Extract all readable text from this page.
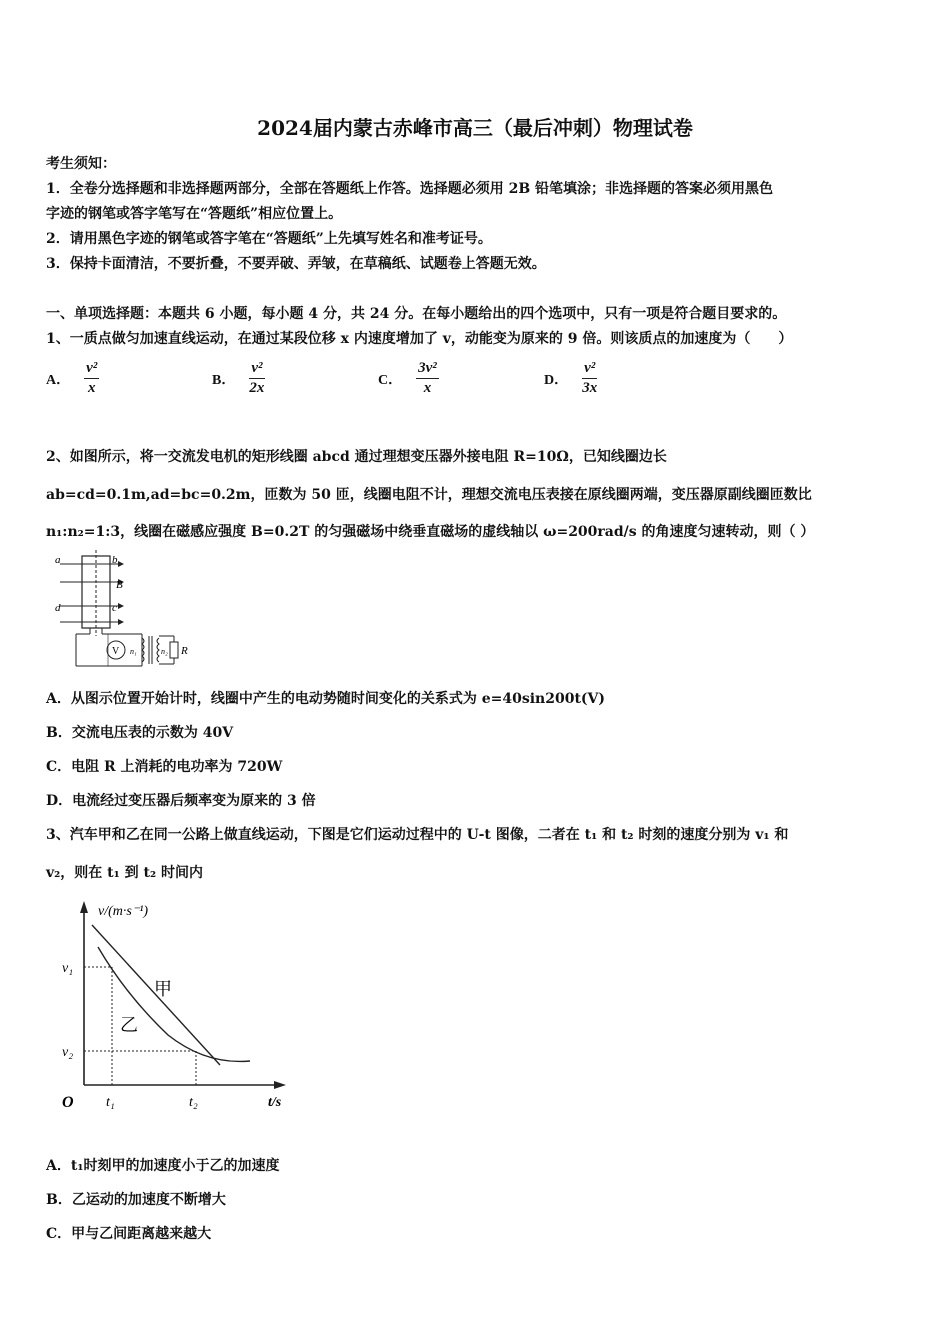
2024届内蒙古赤峰市高三（最后冲刺）物理试卷
考生须知：
1．全卷分选择题和非选择题两部分，全部在答题纸上作答。选择题必须用 2B 铅笔填涂；非选择题的答案必须用黑色
字迹的钢笔或答字笔写在“答题纸”相应位置上。
2．请用黑色字迹的钢笔或答字笔在“答题纸”上先填写姓名和准考证号。
3．保持卡面清洁，不要折叠，不要弄破、弄皱，在草稿纸、试题卷上答题无效。
一、单项选择题：本题共 6 小题，每小题 4 分，共 24 分。在每小题给出的四个选项中，只有一项是符合题目要求的。
1、一质点做匀加速直线运动，在通过某段位移 x 内速度增加了 v，动能变为原来的 9 倍。则该质点的加速度为（　　）
A． $\frac{\text{v²}}{x}$	B． $\frac{\text{v²}}{2x}$	C． $\frac{\text{3v²}}{x}$	D． $\frac{\text{v²}}{3x}$
2、如图所示，将一交流发电机的矩形线圈 abcd 通过理想变压器外接电阻 R=10Ω，已知线圈边长
ab=cd=0.1m,ad=bc=0.2m，匝数为 50 匝，线圈电阻不计，理想交流电压表接在原线圈两端，变压器原副线圈匝数比
n₁:n₂=1:3，线圈在磁感应强度 B=0.2T 的匀强磁场中绕垂直磁场的虚线轴以 ω=200rad/s 的角速度匀速转动，则（ ）
a	b
B
d	c
V n₁	n₂ R
A．从图示位置开始计时，线圈中产生的电动势随时间变化的关系式为 e=40sin200t(V)
B．交流电压表的示数为 40V
C．电阻 R 上消耗的电功率为 720W
D．电流经过变压器后频率变为原来的 3 倍
3、汽车甲和乙在同一公路上做直线运动，下图是它们运动过程中的 U-t 图像，二者在 t₁ 和 t₂ 时刻的速度分别为 v₁ 和
v₂，则在 t₁ 到 t₂ 时间内
v/(m·s⁻¹)
t/s
O
v₁
v₂
t₁	t₂
甲
乙
A．t₁时刻甲的加速度小于乙的加速度
B．乙运动的加速度不断增大
C．甲与乙间距离越来越大
